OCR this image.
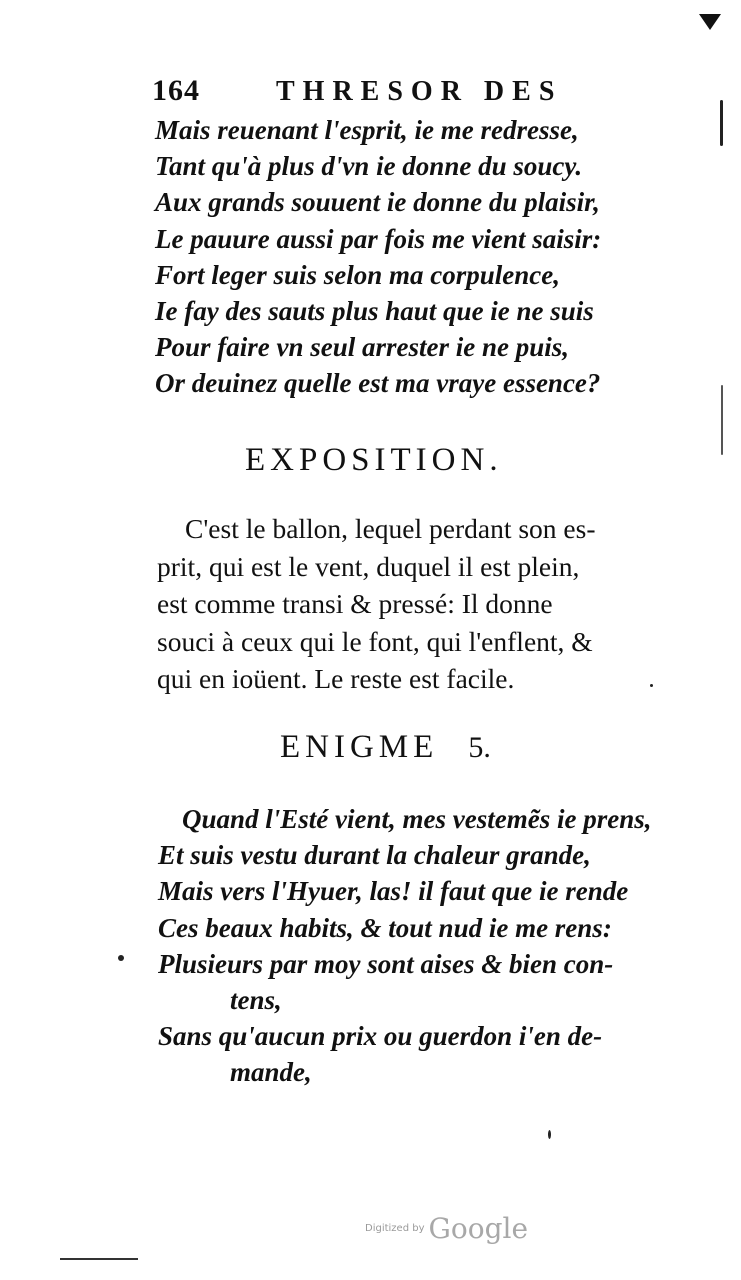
164	THRESOR DES
Mais reuenant l'esprit, ie me redresse,
Tant qu'à plus d'vn ie donne du soucy.
Aux grands souuent ie donne du plaisir,
Le pauure aussi par fois me vient saisir:
Fort leger suis selon ma corpulence,
Ie fay des sauts plus haut que ie ne suis
Pour faire vn seul arrester ie ne puis,
Or deuinez quelle est ma vraye essence?
EXPOSITION.
C'est le ballon, lequel perdant son es-
prit, qui est le vent, duquel il est plein,
est comme transi & pressé: Il donne
souci à ceux qui le font, qui l'enflent, &
qui en ioüent. Le reste est facile.
ENIGME 5.
Quand l'Esté vient, mes vestemẽs ie prens,
Et suis vestu durant la chaleur grande,
Mais vers l'Hyuer, las! il faut que ie rende
Ces beaux habits, & tout nud ie me rens:
Plusieurs par moy sont aises & bien con-
tens,
Sans qu'aucun prix ou guerdon i'en de-
mande,
Digitized by Google
